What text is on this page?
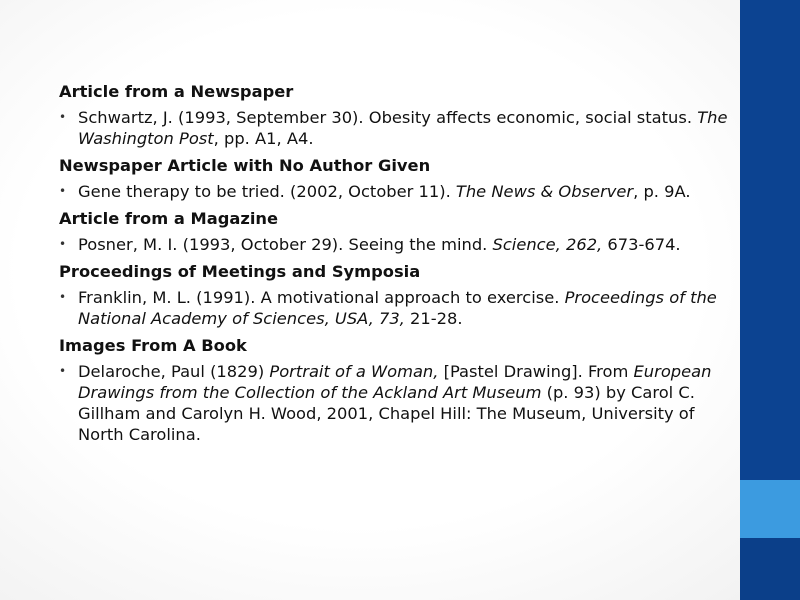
Article from a Newspaper
• Schwartz, J. (1993, September 30). Obesity affects economic, social status. The Washington Post, pp. A1, A4.
Newspaper Article with No Author Given
• Gene therapy to be tried. (2002, October 11). The News & Observer, p. 9A.
Article from a Magazine
• Posner, M. I. (1993, October 29). Seeing the mind. Science, 262, 673-674.
Proceedings of Meetings and Symposia
• Franklin, M. L. (1991). A motivational approach to exercise. Proceedings of the National Academy of Sciences, USA, 73, 21-28.
Images From A Book
• Delaroche, Paul (1829) Portrait of a Woman, [Pastel Drawing]. From European Drawings from the Collection of the Ackland Art Museum (p. 93) by Carol C. Gillham and Carolyn H. Wood, 2001, Chapel Hill: The Museum, University of North Carolina.
